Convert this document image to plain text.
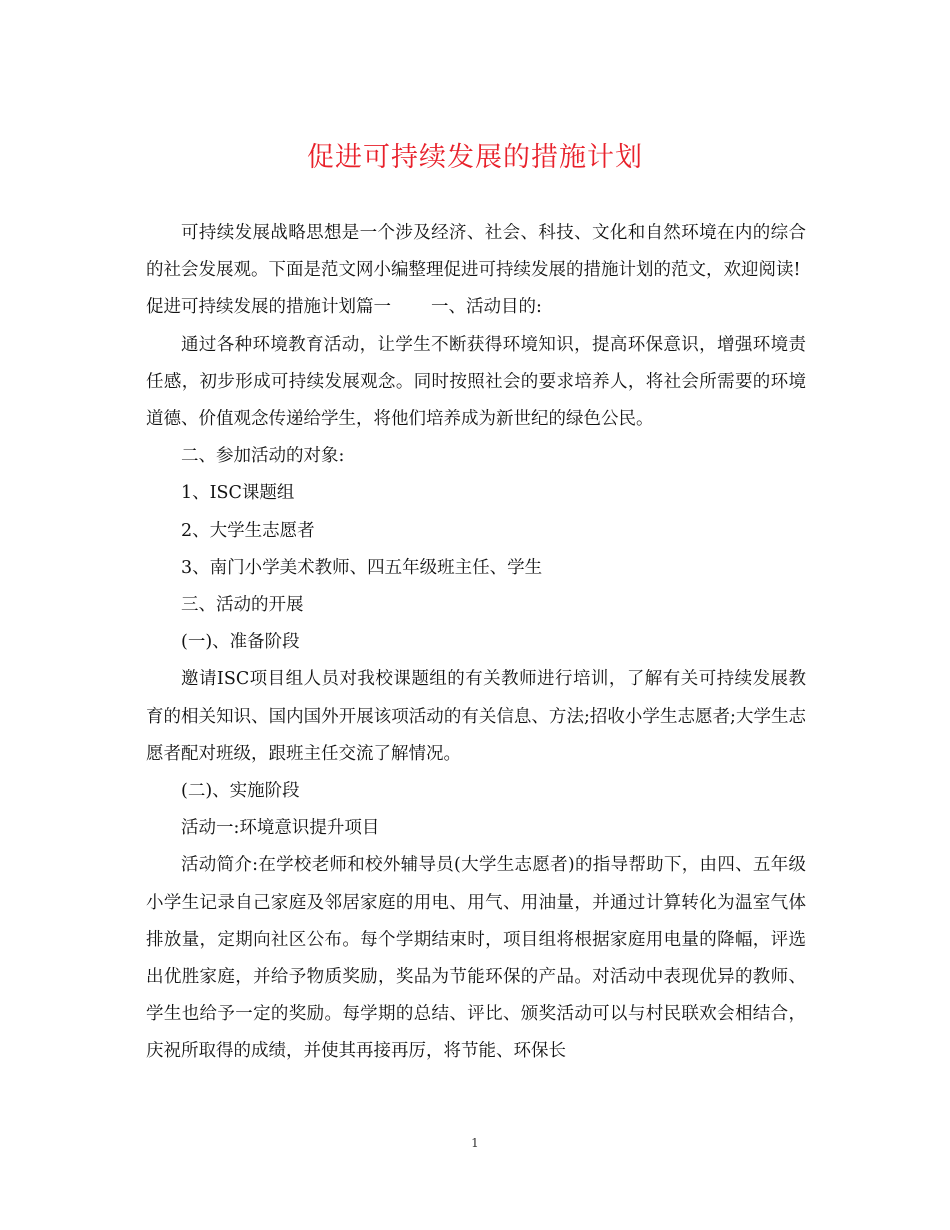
促进可持续发展的措施计划

可持续发展战略思想是一个涉及经济、社会、科技、文化和自然环境在内的综合的社会发展观。下面是范文网小编整理促进可持续发展的措施计划的范文，欢迎阅读!

促进可持续发展的措施计划篇一 一、活动目的:

通过各种环境教育活动，让学生不断获得环境知识，提高环保意识，增强环境责任感，初步形成可持续发展观念。同时按照社会的要求培养人，将社会所需要的环境道德、价值观念传递给学生，将他们培养成为新世纪的绿色公民。

二、参加活动的对象:

1、ISC课题组

2、大学生志愿者

3、南门小学美术教师、四五年级班主任、学生

三、活动的开展

(一)、准备阶段

邀请ISC项目组人员对我校课题组的有关教师进行培训，了解有关可持续发展教育的相关知识、国内国外开展该项活动的有关信息、方法;招收小学生志愿者;大学生志愿者配对班级，跟班主任交流了解情况。

(二)、实施阶段

活动一:环境意识提升项目

活动简介:在学校老师和校外辅导员(大学生志愿者)的指导帮助下，由四、五年级小学生记录自己家庭及邻居家庭的用电、用气、用油量，并通过计算转化为温室气体排放量，定期向社区公布。每个学期结束时，项目组将根据家庭用电量的降幅，评选出优胜家庭，并给予物质奖励，奖品为节能环保的产品。对活动中表现优异的教师、学生也给予一定的奖励。每学期的总结、评比、颁奖活动可以与村民联欢会相结合，庆祝所取得的成绩，并使其再接再厉，将节能、环保长

1
